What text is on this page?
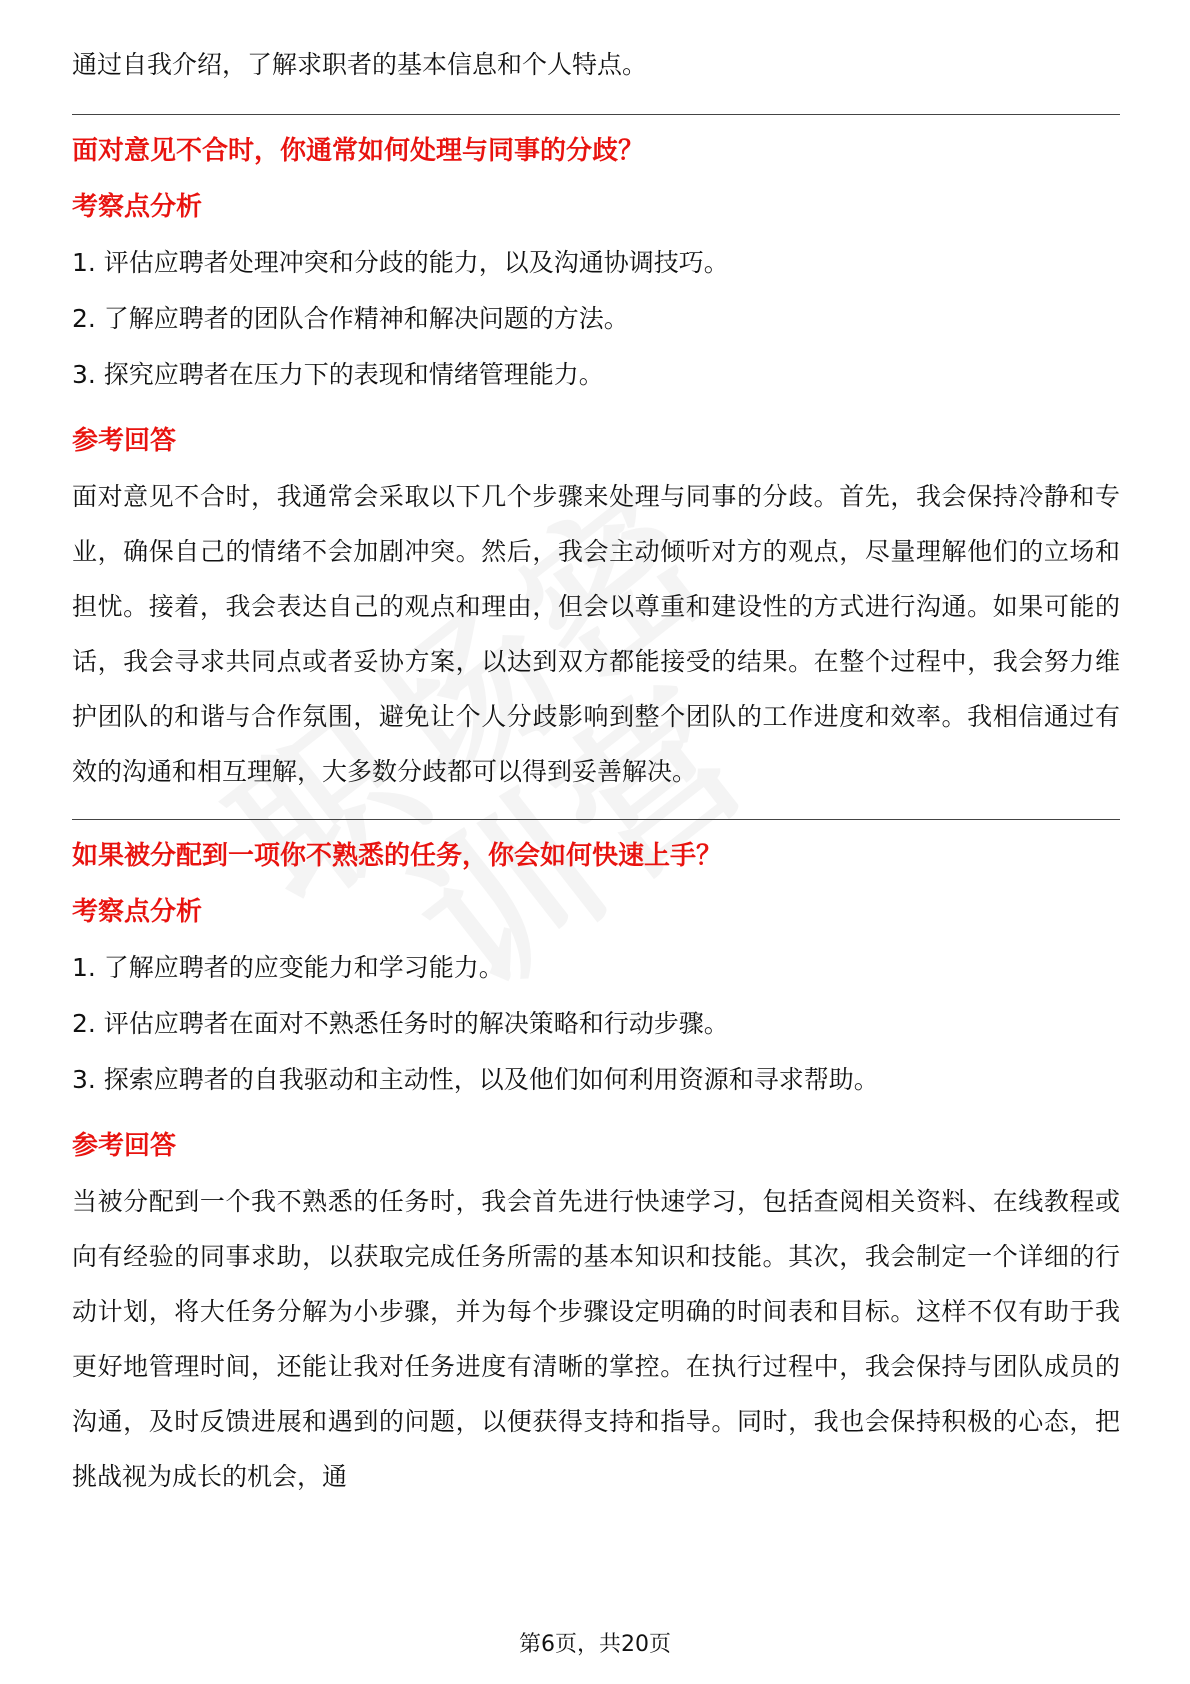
通过自我介绍，了解求职者的基本信息和个人特点。

面对意见不合时，你通常如何处理与同事的分歧？
考察点分析

1. 评估应聘者处理冲突和分歧的能力，以及沟通协调技巧。

2. 了解应聘者的团队合作精神和解决问题的方法。

3. 探究应聘者在压力下的表现和情绪管理能力。

参考回答

面对意见不合时，我通常会采取以下几个步骤来处理与同事的分歧。首先，我会保持冷静和专业，确保自己的情绪不会加剧冲突。然后，我会主动倾听对方的观点，尽量理解他们的立场和担忧。接着，我会表达自己的观点和理由，但会以尊重和建设性的方式进行沟通。如果可能的话，我会寻求共同点或者妥协方案，以达到双方都能接受的结果。在整个过程中，我会努力维护团队的和谐与合作氛围，避免让个人分歧影响到整个团队的工作进度和效率。我相信通过有效的沟通和相互理解，大多数分歧都可以得到妥善解决。

如果被分配到一项你不熟悉的任务，你会如何快速上手？
考察点分析

1. 了解应聘者的应变能力和学习能力。

2. 评估应聘者在面对不熟悉任务时的解决策略和行动步骤。

3. 探索应聘者的自我驱动和主动性，以及他们如何利用资源和寻求帮助。

参考回答

当被分配到一个我不熟悉的任务时，我会首先进行快速学习，包括查阅相关资料、在线教程或向有经验的同事求助，以获取完成任务所需的基本知识和技能。其次，我会制定一个详细的行动计划，将大任务分解为小步骤，并为每个步骤设定明确的时间表和目标。这样不仅有助于我更好地管理时间，还能让我对任务进度有清晰的掌控。在执行过程中，我会保持与团队成员的沟通，及时反馈进展和遇到的问题，以便获得支持和指导。同时，我也会保持积极的心态，把挑战视为成长的机会，通

第6页，共20页
